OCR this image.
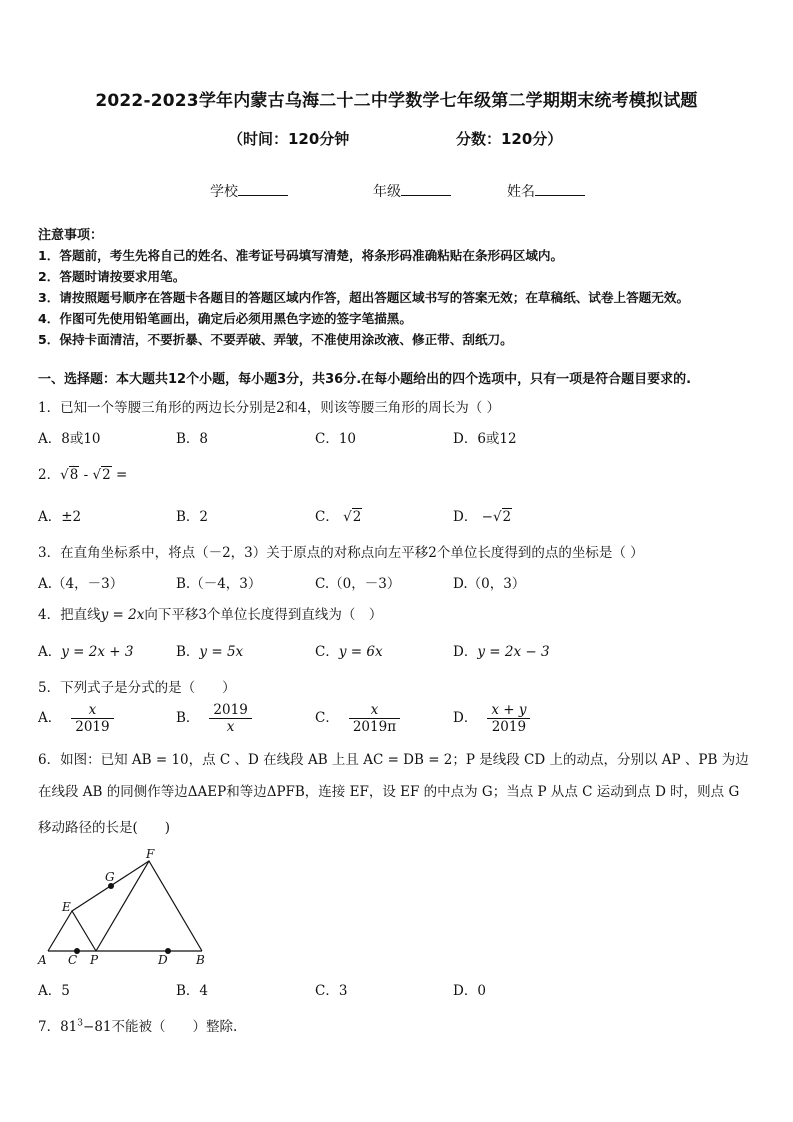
2022-2023学年内蒙古乌海二十二中学数学七年级第二学期期末统考模拟试题
（时间：120分钟	分数：120分）
学校	年级	姓名
注意事项：
1．答题前，考生先将自己的姓名、准考证号码填写清楚，将条形码准确粘贴在条形码区域内。
2．答题时请按要求用笔。
3．请按照题号顺序在答题卡各题目的答题区域内作答，超出答题区域书写的答案无效；在草稿纸、试卷上答题无效。
4．作图可先使用铅笔画出，确定后必须用黑色字迹的签字笔描黑。
5．保持卡面清洁，不要折暴、不要弄破、弄皱，不准使用涂改液、修正带、刮纸刀。
一、选择题：本大题共12个小题，每小题3分，共36分.在每小题给出的四个选项中，只有一项是符合题目要求的.
1．已知一个等腰三角形的两边长分别是2和4，则该等腰三角形的周长为（ ）
A．8或10	B．8	C．10	D．6或12
2．√8 - √2 =
A．±2	B．2	C． √2	D． −√2
3．在直角坐标系中，将点（－2，3）关于原点的对称点向左平移2个单位长度得到的点的坐标是（ ）
A.（4，－3）	B.（－4，3）	C.（0，－3）	D.（0，3）
4．把直线y = 2x向下平移3个单位长度得到直线为（　）
A．y = 2x + 3	B．y = 5x	C．y = 6x	D．y = 2x − 3
5．下列式子是分式的是（　　）
A． $\frac{x}{2019}$	B． $\frac{2019}{x}$	C． $\frac{x}{2019\pi}$	D． $\frac{x + y}{2019}$
6．如图：已知 AB = 10，点 C 、D 在线段 AB 上且 AC = DB = 2；P 是线段 CD 上的动点，分别以 AP 、PB 为边
在线段 AB 的同侧作等边ΔAEP和等边ΔPFB，连接 EF，设 EF 的中点为 G；当点 P 从点 C 运动到点 D 时，则点 G
移动路径的长是(　　)
F
G
E
A C P	D B
A．5	B．4	C．3	D．0
7．$81^3-81$不能被（　　）整除.
